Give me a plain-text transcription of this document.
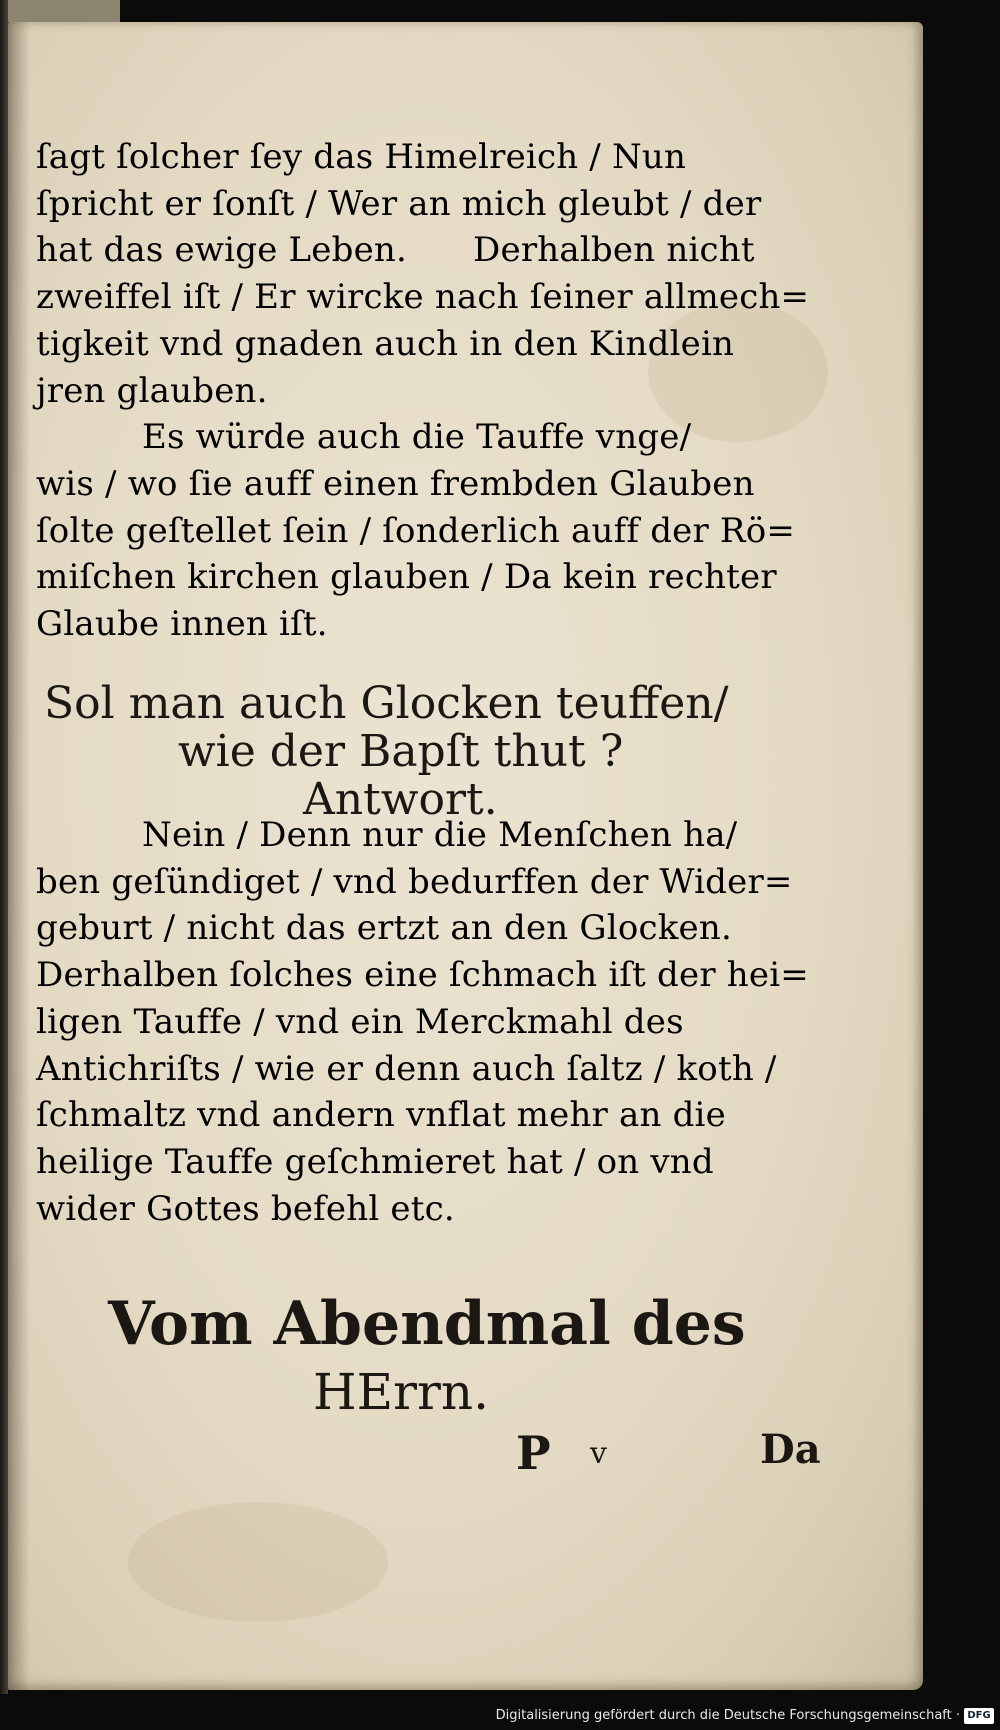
ſagt ſolcher ſey das Himelreich / Nun
ſpricht er ſonſt / Wer an mich gleubt / der
hat das ewige Leben.      Derhalben nicht
zweiffel iſt / Er wircke nach ſeiner allmech=
tigkeit vnd gnaden auch in den Kindlein
jren glauben.
Es würde auch die Tauffe vnge/
wis / wo ſie auff einen frembden Glauben
ſolte geſtellet ſein / ſonderlich auff der Rö=
miſchen kirchen glauben / Da kein rechter
Glaube innen iſt.
Sol man auch Glocken teuffen/
wie der Bapſt thut ?
Antwort.
Nein / Denn nur die Menſchen ha/
ben geſündiget / vnd bedurffen der Wider=
geburt / nicht das ertzt an den Glocken.
Derhalben ſolches eine ſchmach iſt der hei=
ligen Tauffe / vnd ein Merckmahl des
Antichriſts / wie er denn auch ſaltz / koth /
ſchmaltz vnd andern vnflat mehr an die
heilige Tauffe geſchmieret hat / on vnd
wider Gottes befehl etc.
Vom Abendmal des
HErrn.
P v	Da
Digitalisierung gefördert durch die Deutsche Forschungsgemeinschaft · DFG
